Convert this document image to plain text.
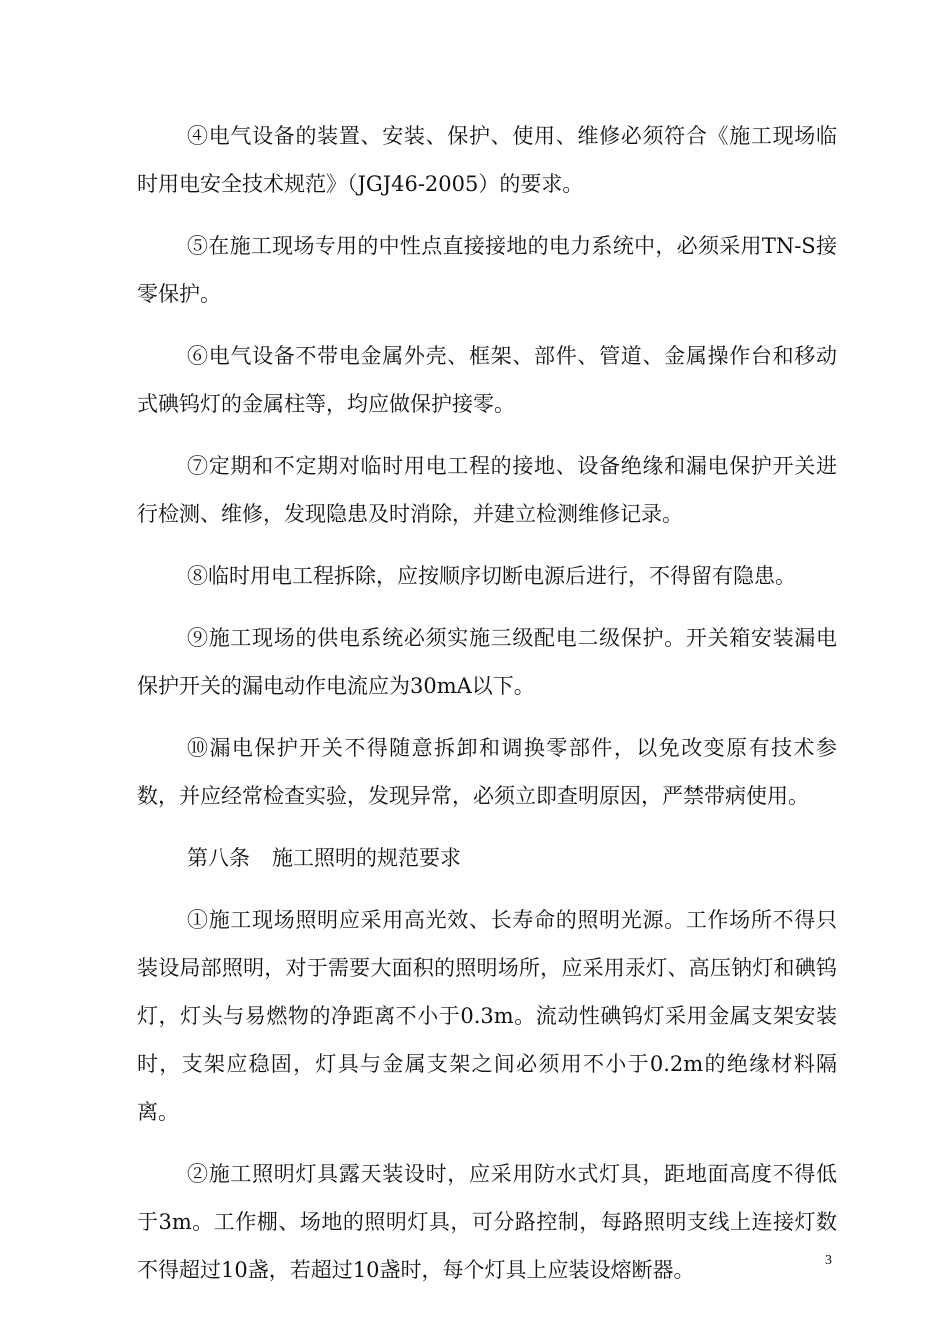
④电气设备的装置、安装、保护、使用、维修必须符合《施工现场临时用电安全技术规范》（JGJ46-2005）的要求。

⑤在施工现场专用的中性点直接接地的电力系统中，必须采用TN-S接零保护。

⑥电气设备不带电金属外壳、框架、部件、管道、金属操作台和移动式碘钨灯的金属柱等，均应做保护接零。

⑦定期和不定期对临时用电工程的接地、设备绝缘和漏电保护开关进行检测、维修，发现隐患及时消除，并建立检测维修记录。

⑧临时用电工程拆除，应按顺序切断电源后进行，不得留有隐患。

⑨施工现场的供电系统必须实施三级配电二级保护。开关箱安装漏电保护开关的漏电动作电流应为30mA以下。

⑩漏电保护开关不得随意拆卸和调换零部件，以免改变原有技术参数，并应经常检查实验，发现异常，必须立即查明原因，严禁带病使用。

第八条 施工照明的规范要求

①施工现场照明应采用高光效、长寿命的照明光源。工作场所不得只装设局部照明，对于需要大面积的照明场所，应采用汞灯、高压钠灯和碘钨灯，灯头与易燃物的净距离不小于0.3m。流动性碘钨灯采用金属支架安装时，支架应稳固，灯具与金属支架之间必须用不小于0.2m的绝缘材料隔离。

②施工照明灯具露天装设时，应采用防水式灯具，距地面高度不得低于3m。工作棚、场地的照明灯具，可分路控制，每路照明支线上连接灯数不得超过10盏，若超过10盏时，每个灯具上应装设熔断器。	3
